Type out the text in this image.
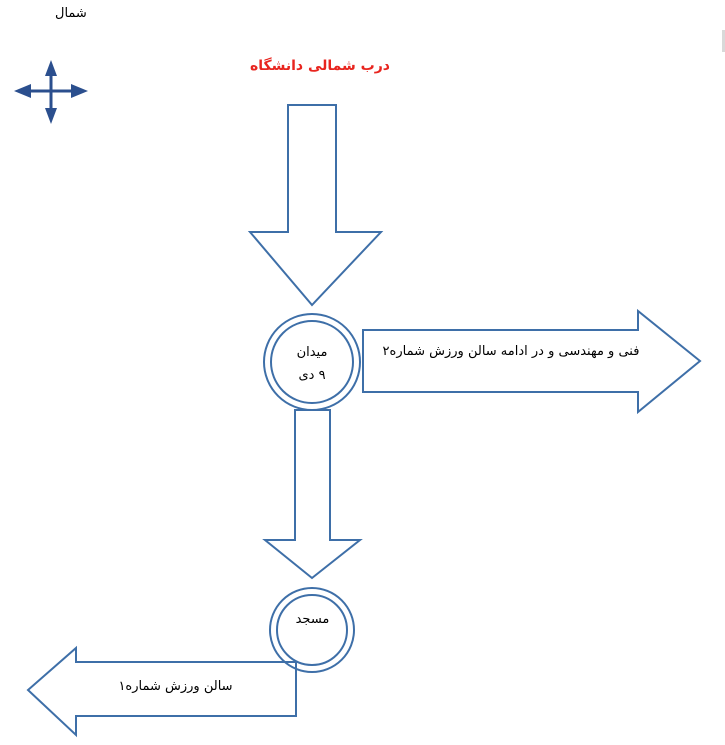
شمال
درب شمالی دانشگاه
فنی و مهندسی و در ادامه سالن ورزش شماره۲
سالن ورزش شماره۱
میدان
۹ دی
مسجد
